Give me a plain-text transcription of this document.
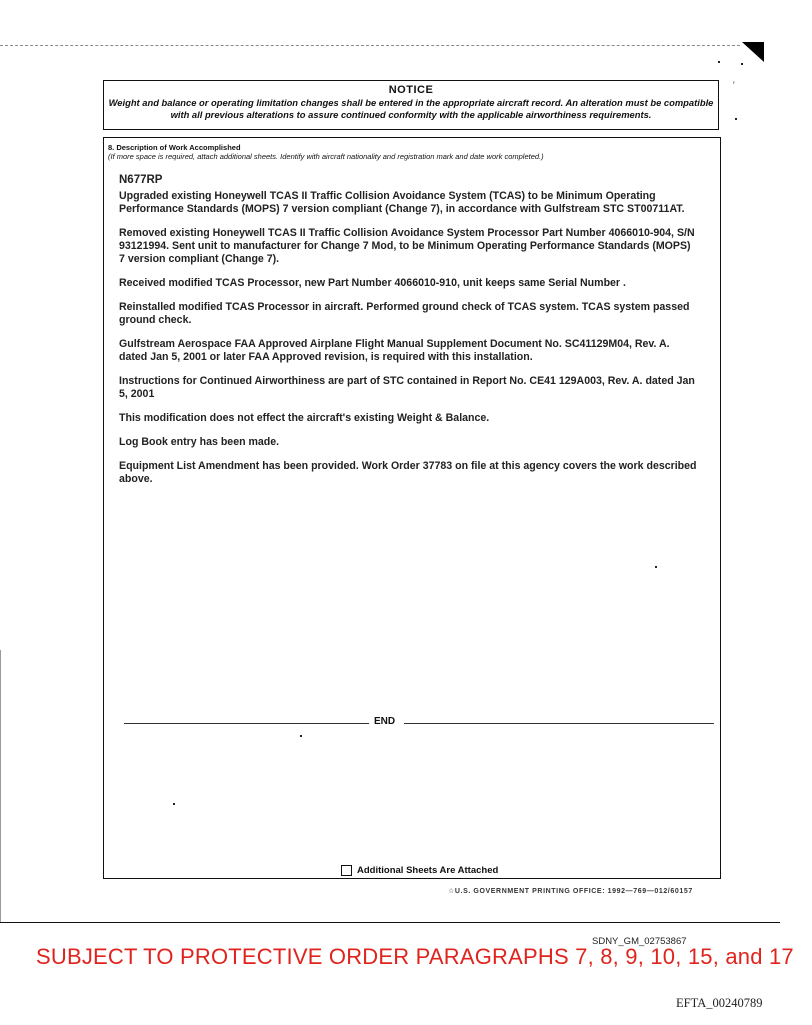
NOTICE
Weight and balance or operating limitation changes shall be entered in the appropriate aircraft record. An alteration must be compatible with all previous alterations to assure continued conformity with the applicable airworthiness requirements.
8. Description of Work Accomplished
(If more space is required, attach additional sheets. Identify with aircraft nationality and registration mark and date work completed.)
N677RP
Upgraded existing Honeywell TCAS II Traffic Collision Avoidance System (TCAS) to be Minimum Operating Performance Standards (MOPS) 7 version compliant (Change 7), in accordance with Gulfstream STC ST00711AT.
Removed existing Honeywell TCAS II Traffic Collision Avoidance System Processor Part Number 4066010-904, S/N 93121994. Sent unit to manufacturer for Change 7 Mod, to be Minimum Operating Performance Standards (MOPS) 7 version compliant (Change 7).
Received modified TCAS Processor, new Part Number 4066010-910, unit keeps same Serial Number .
Reinstalled modified TCAS Processor in aircraft. Performed ground check of TCAS system. TCAS system passed ground check.
Gulfstream Aerospace FAA Approved Airplane Flight Manual Supplement Document No. SC41129M04, Rev. A. dated Jan 5, 2001 or later FAA Approved revision, is required with this installation.
Instructions for Continued Airworthiness are part of STC contained in Report No. CE41 129A003, Rev. A. dated Jan 5, 2001
This modification does not effect the aircraft's existing Weight & Balance.
Log Book entry has been made.
Equipment List Amendment has been provided. Work Order 37783 on file at this agency covers the work described above.
END
Additional Sheets Are Attached
☆U.S. GOVERNMENT PRINTING OFFICE: 1992—769—012/60157
SDNY_GM_02753867
SUBJECT TO PROTECTIVE ORDER PARAGRAPHS 7, 8, 9, 10, 15, and 17
EFTA_00240789
′
